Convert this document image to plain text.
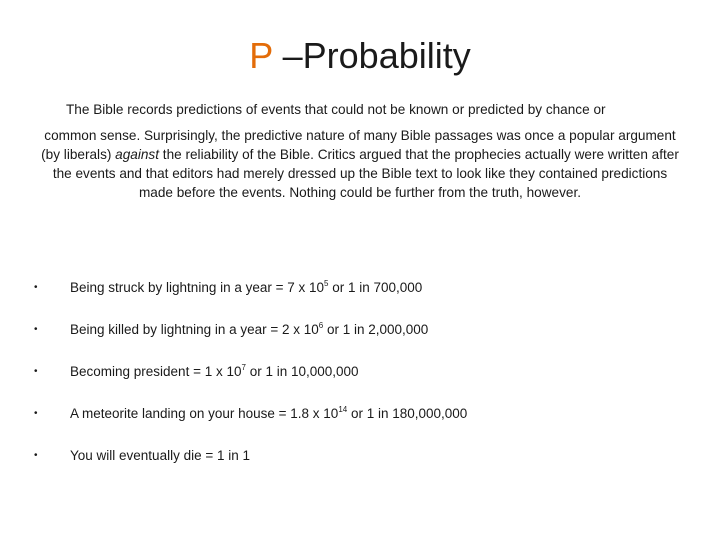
P –Probability
The Bible records predictions of events that could not be known or predicted by chance or
common sense. Surprisingly, the predictive nature of many Bible passages was once a popular argument (by liberals) against the reliability of the Bible. Critics argued that the prophecies actually were written after the events and that editors had merely dressed up the Bible text to look like they contained predictions made before the events. Nothing could be further from the truth, however.
• Being struck by lightning in a year = 7 x $10^5$ or 1 in 700,000
• Being killed by lightning in a year = 2 x $10^6$ or 1 in 2,000,000
• Becoming president = 1 x $10^7$ or 1 in 10,000,000
• A meteorite landing on your house = 1.8 x $10^{14}$ or 1 in 180,000,000
• You will eventually die = 1 in 1
